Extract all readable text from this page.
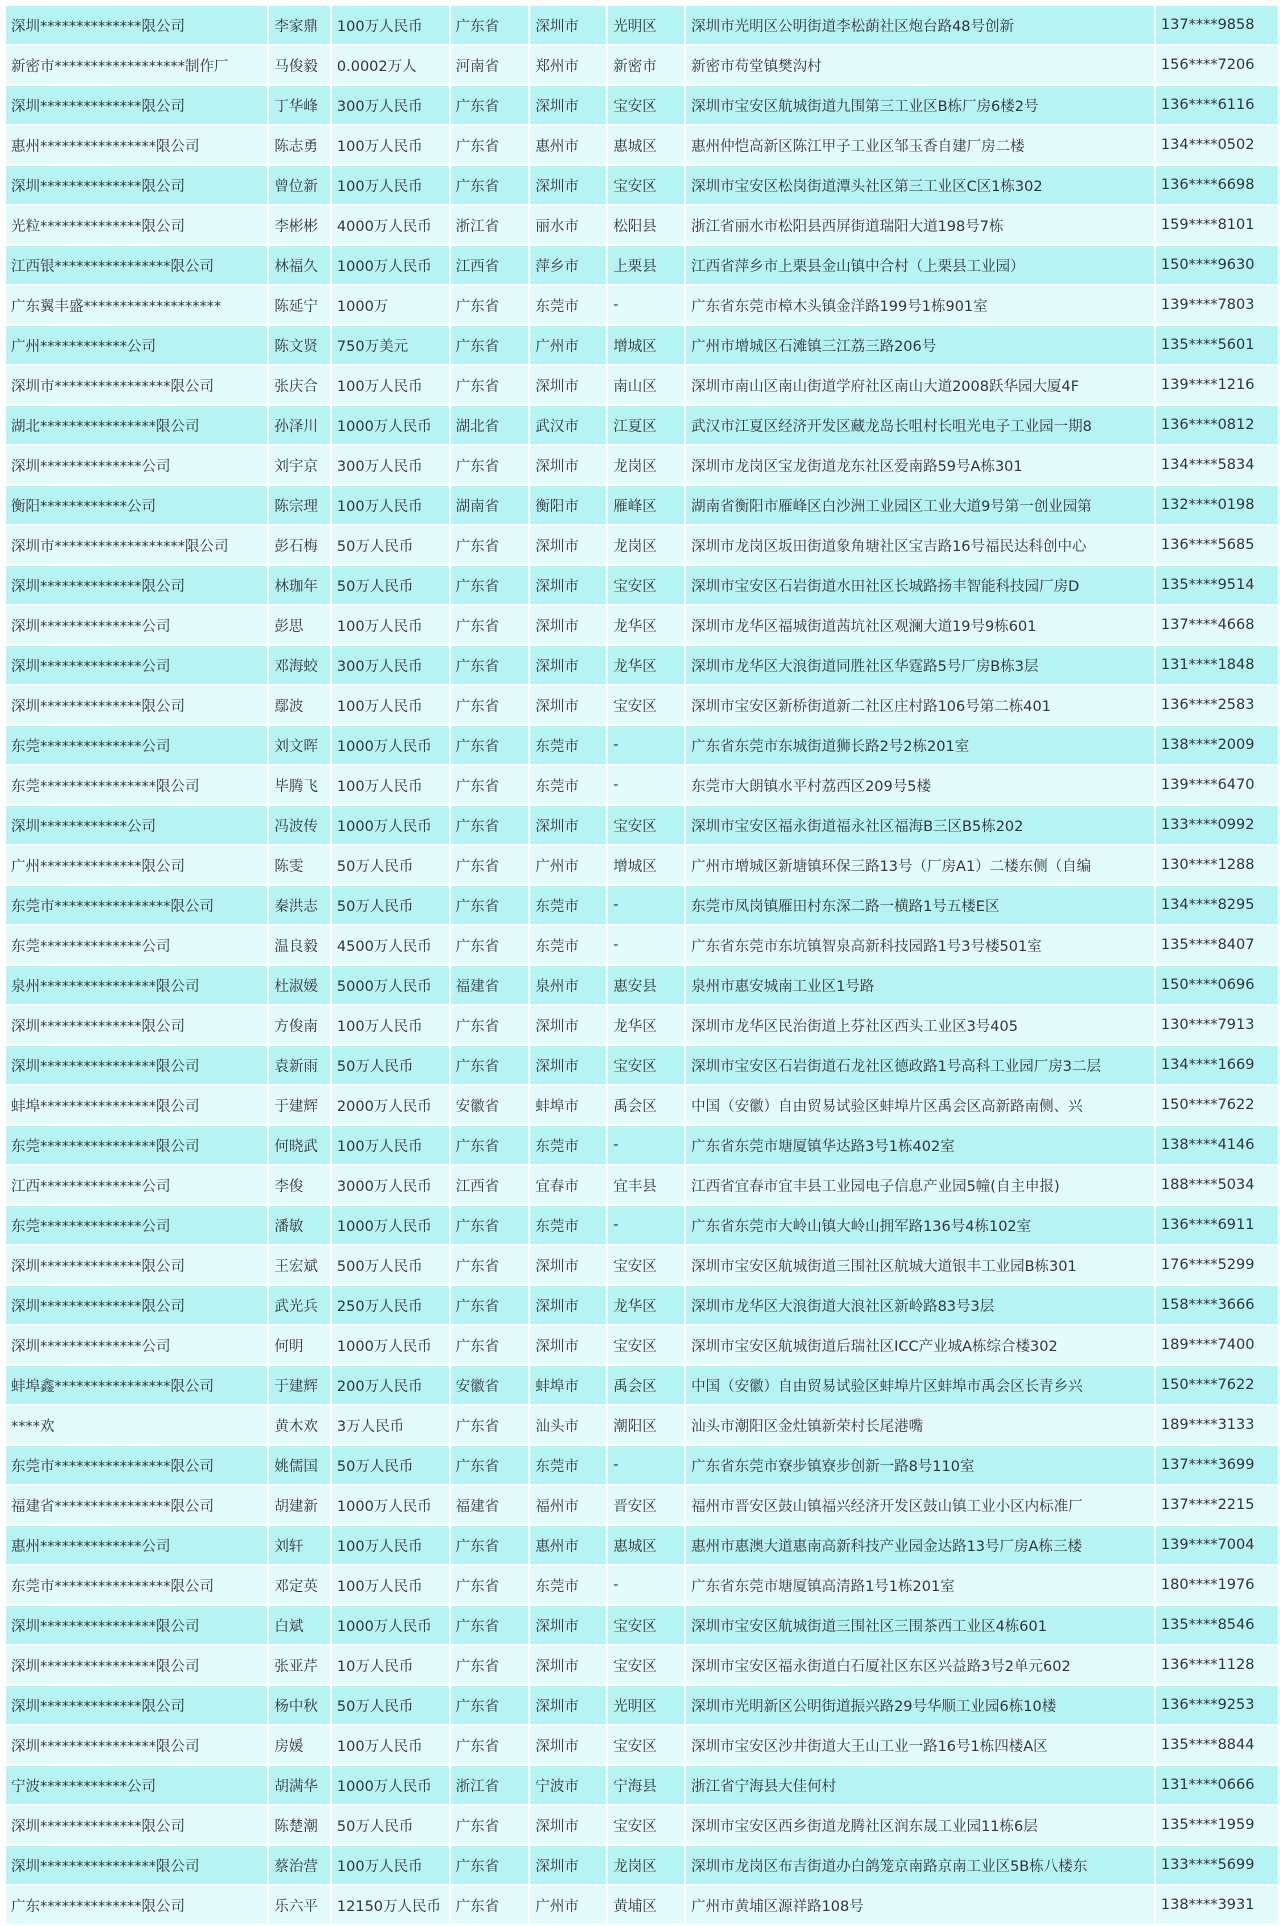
深圳**************限公司	李家鼎	100万人民币	广东省	深圳市	光明区	深圳市光明区公明街道李松蓢社区炮台路48号创新	137****9858
新密市******************制作厂	马俊毅	0.0002万人	河南省	郑州市	新密市	新密市苟堂镇樊沟村	156****7206
深圳**************限公司	丁华峰	300万人民币	广东省	深圳市	宝安区	深圳市宝安区航城街道九围第三工业区B栋厂房6楼2号	136****6116
惠州****************限公司	陈志勇	100万人民币	广东省	惠州市	惠城区	惠州仲恺高新区陈江甲子工业区邹玉香自建厂房二楼	134****0502
深圳**************限公司	曾位新	100万人民币	广东省	深圳市	宝安区	深圳市宝安区松岗街道潭头社区第三工业区C区1栋302	136****6698
光粒**************限公司	李彬彬	4000万人民币	浙江省	丽水市	松阳县	浙江省丽水市松阳县西屏街道瑞阳大道198号7栋	159****8101
江西银****************限公司	林福久	1000万人民币	江西省	萍乡市	上栗县	江西省萍乡市上栗县金山镇中合村（上栗县工业园）	150****9630
广东翼丰盛*******************	陈延宁	1000万	广东省	东莞市	-	广东省东莞市樟木头镇金洋路199号1栋901室	139****7803
广州************公司	陈文贤	750万美元	广东省	广州市	增城区	广州市增城区石滩镇三江荔三路206号	135****5601
深圳市****************限公司	张庆合	100万人民币	广东省	深圳市	南山区	深圳市南山区南山街道学府社区南山大道2008跃华园大厦4F	139****1216
湖北****************限公司	孙泽川	1000万人民币	湖北省	武汉市	江夏区	武汉市江夏区经济开发区藏龙岛长咀村长咀光电子工业园一期8	136****0812
深圳**************公司	刘宇京	300万人民币	广东省	深圳市	龙岗区	深圳市龙岗区宝龙街道龙东社区爱南路59号A栋301	134****5834
衡阳************公司	陈宗理	100万人民币	湖南省	衡阳市	雁峰区	湖南省衡阳市雁峰区白沙洲工业园区工业大道9号第一创业园第	132****0198
深圳市******************限公司	彭石梅	50万人民币	广东省	深圳市	龙岗区	深圳市龙岗区坂田街道象角塘社区宝吉路16号福民达科创中心	136****5685
深圳**************限公司	林珈年	50万人民币	广东省	深圳市	宝安区	深圳市宝安区石岩街道水田社区长城路扬丰智能科技园厂房D	135****9514
深圳**************公司	彭思	100万人民币	广东省	深圳市	龙华区	深圳市龙华区福城街道茜坑社区观澜大道19号9栋601	137****4668
深圳**************公司	邓海蛟	300万人民币	广东省	深圳市	龙华区	深圳市龙华区大浪街道同胜社区华霆路5号厂房B栋3层	131****1848
深圳**************限公司	鄢波	100万人民币	广东省	深圳市	宝安区	深圳市宝安区新桥街道新二社区庄村路106号第二栋401	136****2583
东莞**************公司	刘文晖	1000万人民币	广东省	东莞市	-	广东省东莞市东城街道狮长路2号2栋201室	138****2009
东莞****************限公司	毕腾飞	100万人民币	广东省	东莞市	-	东莞市大朗镇水平村荔西区209号5楼	139****6470
深圳************公司	冯波传	1000万人民币	广东省	深圳市	宝安区	深圳市宝安区福永街道福永社区福海B三区B5栋202	133****0992
广州**************限公司	陈雯	50万人民币	广东省	广州市	增城区	广州市增城区新塘镇环保三路13号（厂房A1）二楼东侧（自编	130****1288
东莞市****************限公司	秦洪志	50万人民币	广东省	东莞市	-	东莞市凤岗镇雁田村东深二路一横路1号五楼E区	134****8295
东莞**************公司	温良毅	4500万人民币	广东省	东莞市	-	广东省东莞市东坑镇智泉高新科技园路1号3号楼501室	135****8407
泉州****************限公司	杜淑媛	5000万人民币	福建省	泉州市	惠安县	泉州市惠安城南工业区1号路	150****0696
深圳**************限公司	方俊南	100万人民币	广东省	深圳市	龙华区	深圳市龙华区民治街道上芬社区西头工业区3号405	130****7913
深圳****************限公司	袁新雨	50万人民币	广东省	深圳市	宝安区	深圳市宝安区石岩街道石龙社区德政路1号高科工业园厂房3二层	134****1669
蚌埠****************限公司	于建辉	2000万人民币	安徽省	蚌埠市	禹会区	中国（安徽）自由贸易试验区蚌埠片区禹会区高新路南侧、兴	150****7622
东莞****************限公司	何晓武	100万人民币	广东省	东莞市	-	广东省东莞市塘厦镇华达路3号1栋402室	138****4146
江西**************公司	李俊	3000万人民币	江西省	宜春市	宜丰县	江西省宜春市宜丰县工业园电子信息产业园5幢(自主申报)	188****5034
东莞**************公司	潘敏	1000万人民币	广东省	东莞市	-	广东省东莞市大岭山镇大岭山拥军路136号4栋102室	136****6911
深圳**************限公司	王宏斌	500万人民币	广东省	深圳市	宝安区	深圳市宝安区航城街道三围社区航城大道银丰工业园B栋301	176****5299
深圳**************限公司	武光兵	250万人民币	广东省	深圳市	龙华区	深圳市龙华区大浪街道大浪社区新岭路83号3层	158****3666
深圳**************公司	何明	1000万人民币	广东省	深圳市	宝安区	深圳市宝安区航城街道后瑞社区ICC产业城A栋综合楼302	189****7400
蚌埠鑫****************限公司	于建辉	200万人民币	安徽省	蚌埠市	禹会区	中国（安徽）自由贸易试验区蚌埠片区蚌埠市禹会区长青乡兴	150****7622
****欢	黄木欢	3万人民币	广东省	汕头市	潮阳区	汕头市潮阳区金灶镇新荣村长尾港嘴	189****3133
东莞市****************限公司	姚儒国	50万人民币	广东省	东莞市	-	广东省东莞市寮步镇寮步创新一路8号110室	137****3699
福建省****************限公司	胡建新	1000万人民币	福建省	福州市	晋安区	福州市晋安区鼓山镇福兴经济开发区鼓山镇工业小区内标准厂	137****2215
惠州**************公司	刘轩	100万人民币	广东省	惠州市	惠城区	惠州市惠澳大道惠南高新科技产业园金达路13号厂房A栋三楼	139****7004
东莞市****************限公司	邓定英	100万人民币	广东省	东莞市	-	广东省东莞市塘厦镇高清路1号1栋201室	180****1976
深圳****************限公司	白斌	1000万人民币	广东省	深圳市	宝安区	深圳市宝安区航城街道三围社区三围茶西工业区4栋601	135****8546
深圳****************限公司	张亚芹	10万人民币	广东省	深圳市	宝安区	深圳市宝安区福永街道白石厦社区东区兴益路3号2单元602	136****1128
深圳**************限公司	杨中秋	50万人民币	广东省	深圳市	光明区	深圳市光明新区公明街道振兴路29号华顺工业园6栋10楼	136****9253
深圳****************限公司	房媛	100万人民币	广东省	深圳市	宝安区	深圳市宝安区沙井街道大王山工业一路16号1栋四楼A区	135****8844
宁波************公司	胡满华	1000万人民币	浙江省	宁波市	宁海县	浙江省宁海县大佳何村	131****0666
深圳**************限公司	陈楚潮	50万人民币	广东省	深圳市	宝安区	深圳市宝安区西乡街道龙腾社区润东晟工业园11栋6层	135****1959
深圳****************限公司	蔡治营	100万人民币	广东省	深圳市	龙岗区	深圳市龙岗区布吉街道办白鸽笼京南路京南工业区5B栋八楼东	133****5699
广东**************限公司	乐六平	12150万人民币	广东省	广州市	黄埔区	广州市黄埔区源祥路108号	138****3931
